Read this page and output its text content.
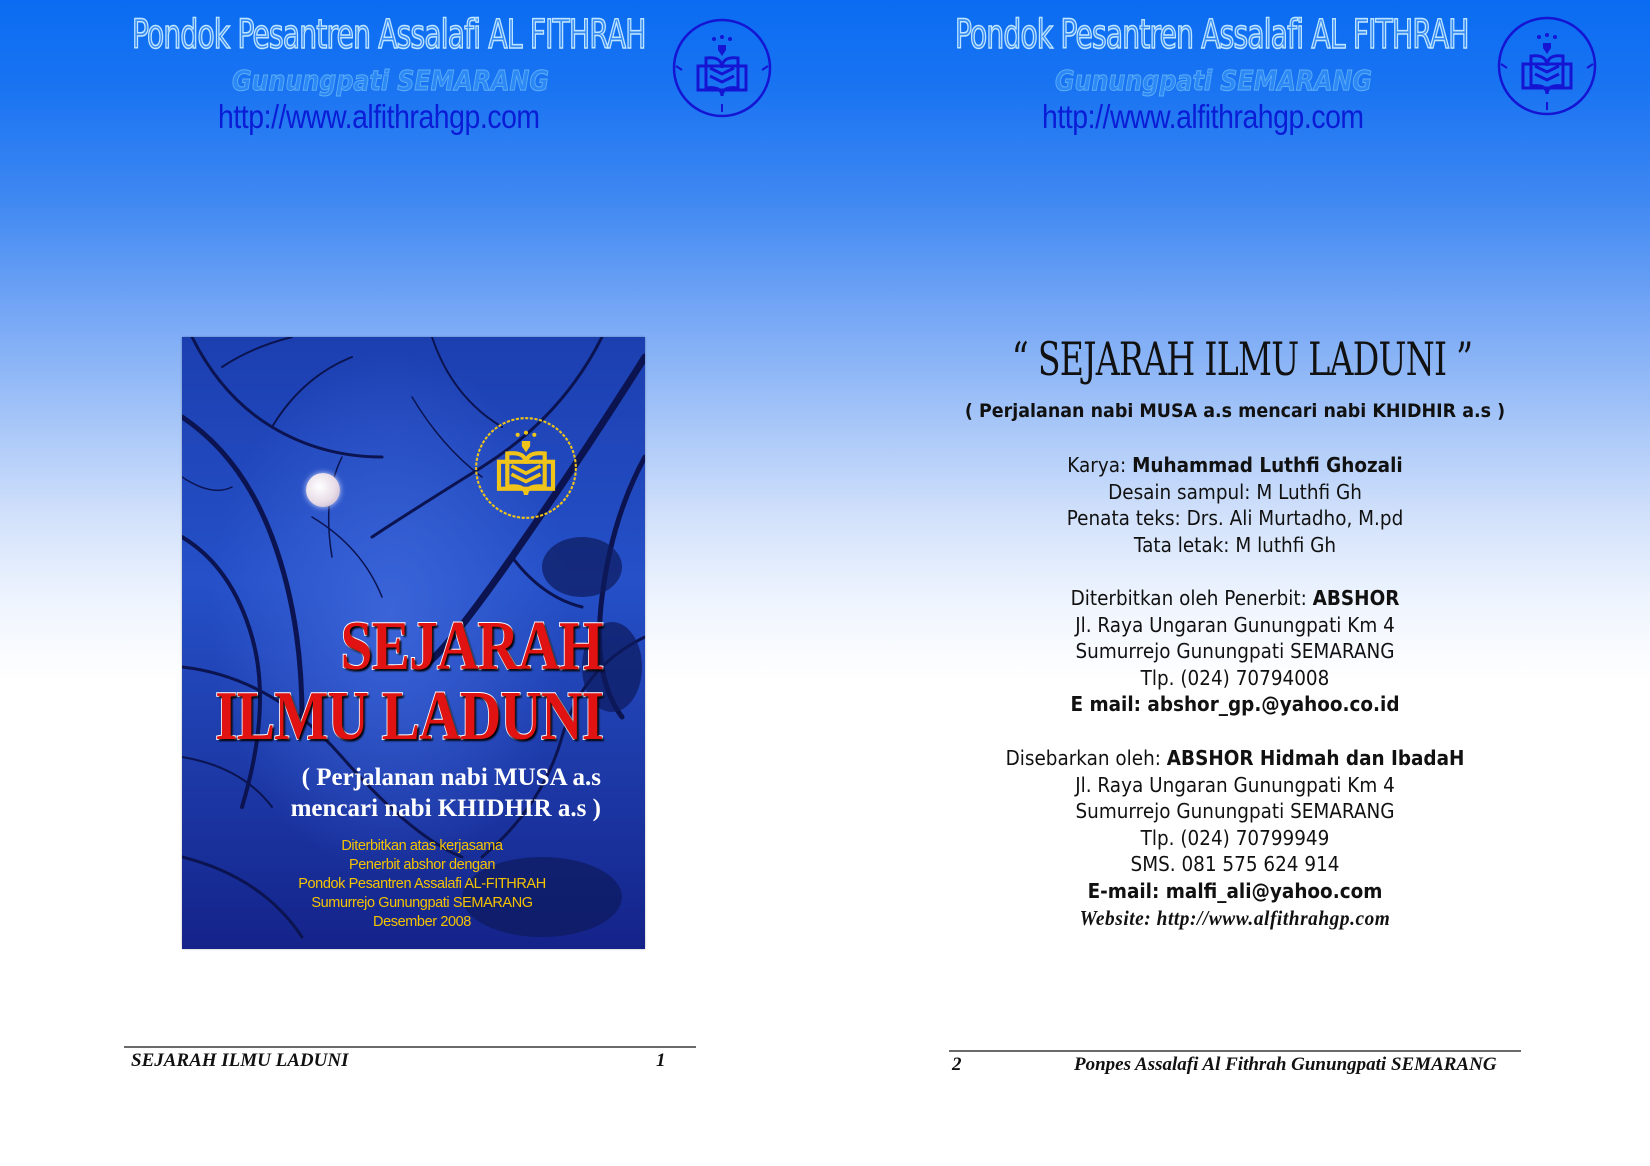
Pondok Pesantren Assalafi AL FITHRAH
Gunungpati SEMARANG
http://www.alfithrahgp.com
SEJARAH
ILMU LADUNI
( Perjalanan nabi MUSA a.s
mencari nabi KHIDHIR a.s )
Diterbitkan atas kerjasama
Penerbit abshor dengan
Pondok Pesantren Assalafi AL-FITHRAH
Sumurrejo Gunungpati SEMARANG
Desember 2008
SEJARAH ILMU LADUNI	1
Pondok Pesantren Assalafi AL FITHRAH
Gunungpati SEMARANG
http://www.alfithrahgp.com
2	Ponpes Assalafi Al Fithrah Gunungpati SEMARANG
“ SEJARAH ILMU LADUNI ”
( Perjalanan nabi MUSA a.s mencari nabi KHIDHIR a.s )
Karya: Muhammad Luthfi Ghozali
Desain sampul: M Luthfi Gh
Penata teks: Drs. Ali Murtadho, M.pd
Tata letak: M luthfi Gh
Diterbitkan oleh Penerbit: ABSHOR
Jl. Raya Ungaran Gunungpati Km 4
Sumurrejo Gunungpati SEMARANG
Tlp. (024) 70794008
E mail: abshor_gp.@yahoo.co.id
Disebarkan oleh: ABSHOR Hidmah dan IbadaH
Jl. Raya Ungaran Gunungpati Km 4
Sumurrejo Gunungpati SEMARANG
Tlp. (024) 70799949
SMS. 081 575 624 914
E-mail: malfi_ali@yahoo.com
Website: http://www.alfithrahgp.com
